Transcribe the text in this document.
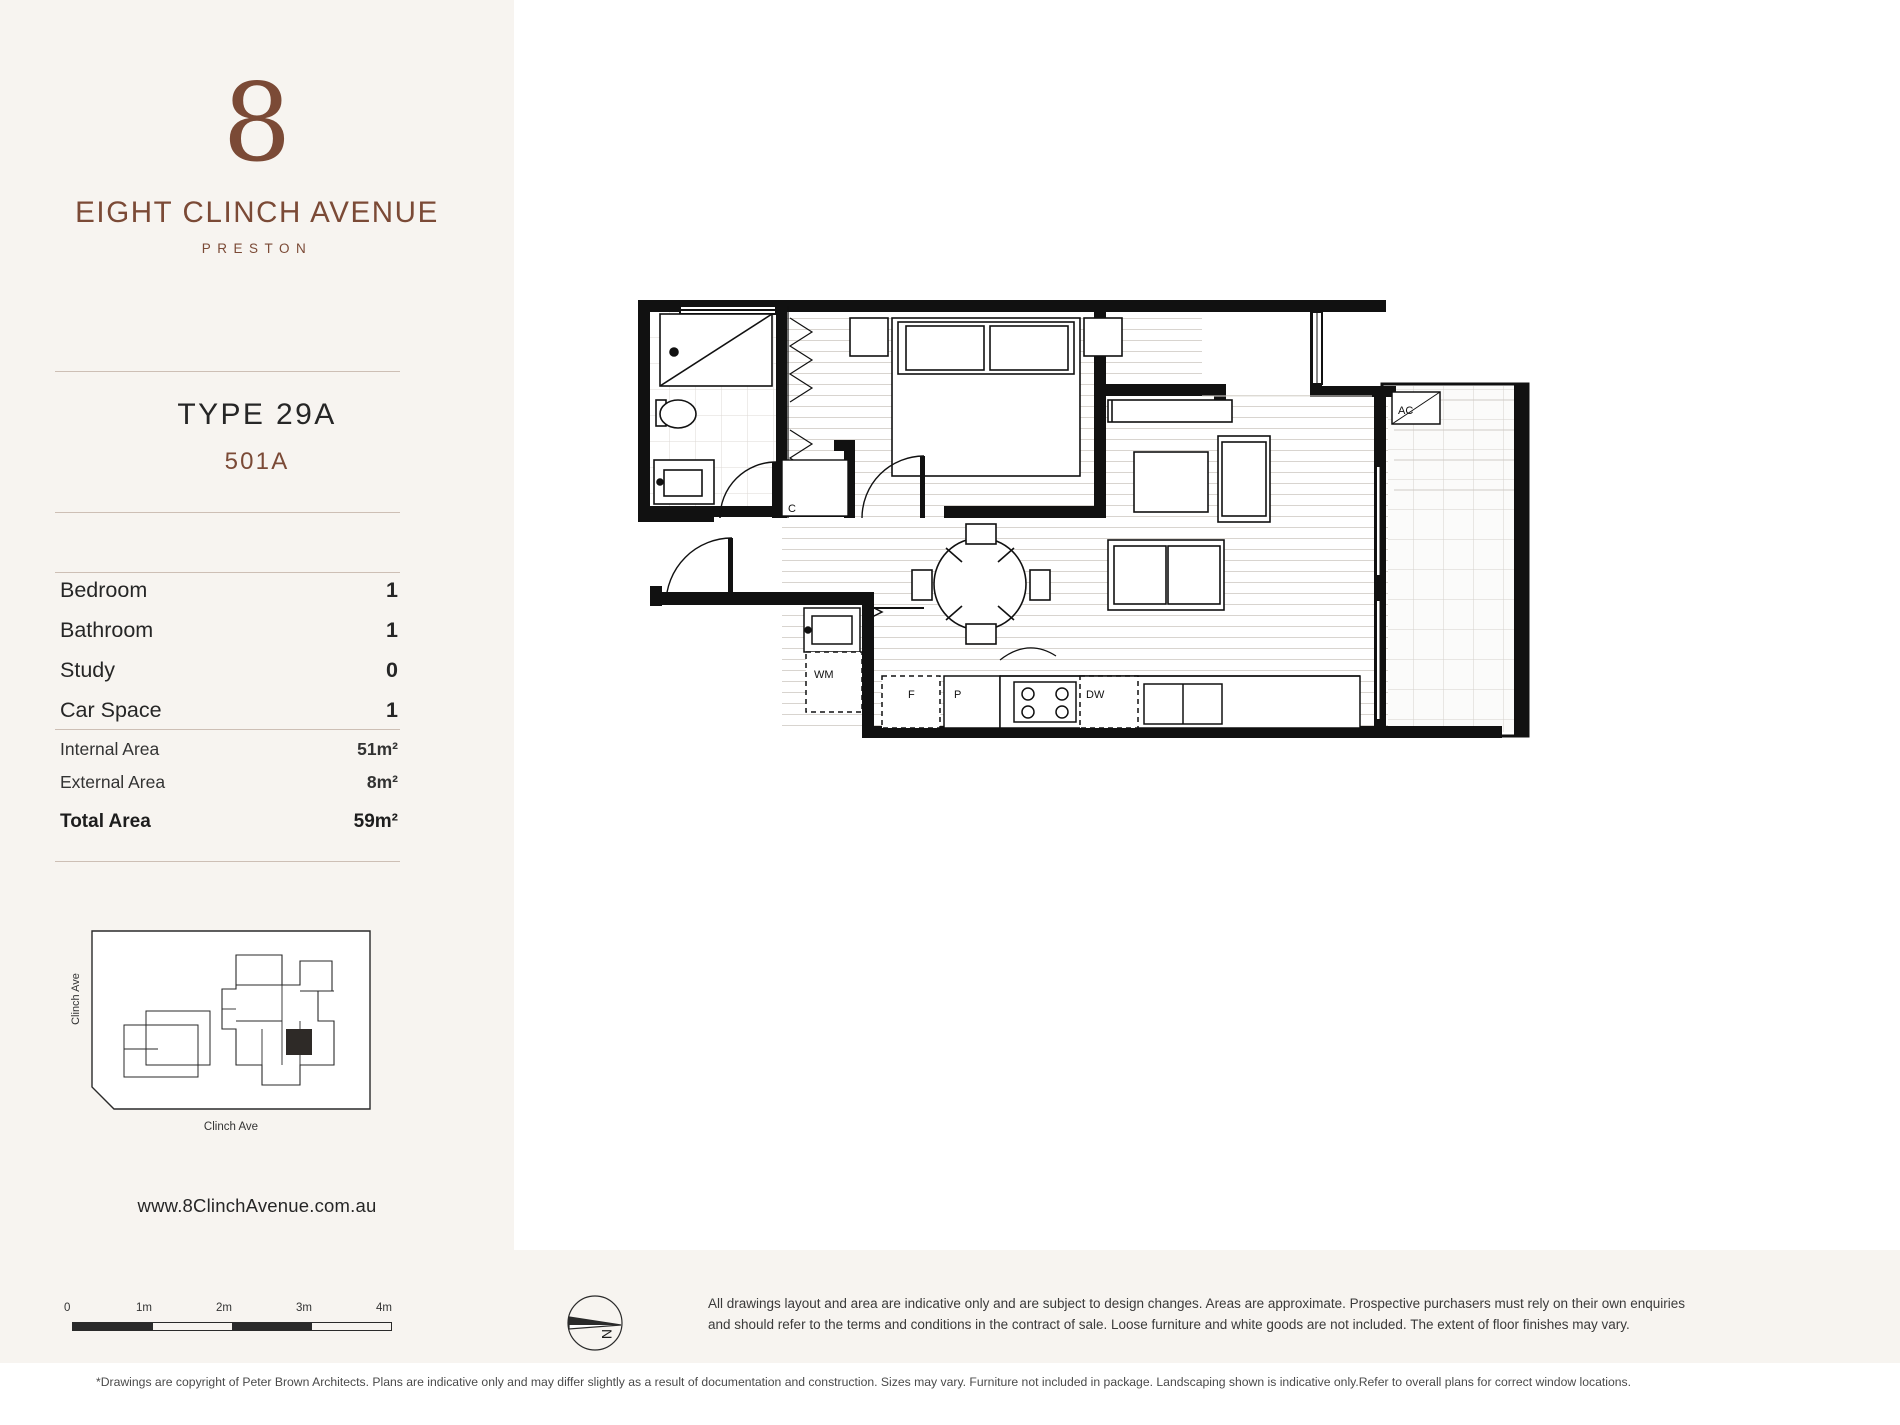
8
EIGHT CLINCH AVENUE
PRESTON
TYPE 29A
501A
Bedroom	1
Bathroom	1
Study	0
Car Space	1
Internal Area	51m²
External Area	8m²
Total Area	59m²
Clinch Ave
Clinch Ave
www.8ClinchAvenue.com.au
AC
C
WM
F	P	DW
0	1m	2m	3m	4m
N
All drawings layout and area are indicative only and are subject to design changes. Areas are approximate. Prospective purchasers must rely on their own enquiries
and should refer to the terms and conditions in the contract of sale. Loose furniture and white goods are not included. The extent of floor finishes may vary.
*Drawings are copyright of Peter Brown Architects. Plans are indicative only and may differ slightly as a result of documentation and construction. Sizes may vary. Furniture not included in package. Landscaping shown is indicative only.Refer to overall plans for correct window locations.
